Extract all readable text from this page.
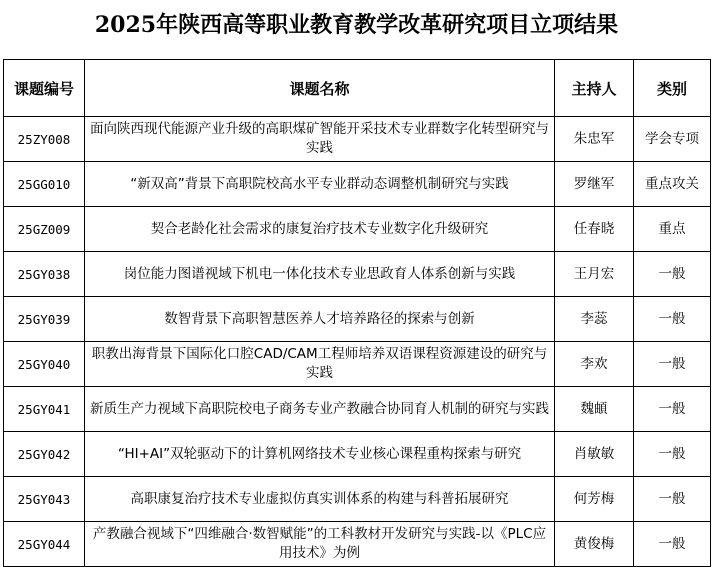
2025年陕西高等职业教育教学改革研究项目立项结果
课题编号	课题名称	主持人	类别
25ZY008	面向陕西现代能源产业升级的高职煤矿智能开采技术专业群数字化转型研究与实践	朱忠军	学会专项
25GG010	“新双高”背景下高职院校高水平专业群动态调整机制研究与实践	罗继军	重点攻关
25GZ009	契合老龄化社会需求的康复治疗技术专业数字化升级研究	任春晓	重点
25GY038	岗位能力图谱视域下机电一体化技术专业思政育人体系创新与实践	王月宏	一般
25GY039	数智背景下高职智慧医养人才培养路径的探索与创新	李蕊	一般
25GY040	职教出海背景下国际化口腔CAD/CAM工程师培养双语课程资源建设的研究与实践	李欢	一般
25GY041	新质生产力视域下高职院校电子商务专业产教融合协同育人机制的研究与实践	魏頔	一般
25GY042	“HI+AI”双轮驱动下的计算机网络技术专业核心课程重构探索与研究	肖敏敏	一般
25GY043	高职康复治疗技术专业虚拟仿真实训体系的构建与科普拓展研究	何芳梅	一般
25GY044	产教融合视域下“四维融合·数智赋能”的工科教材开发研究与实践-以《PLC应用技术》为例	黄俊梅	一般
